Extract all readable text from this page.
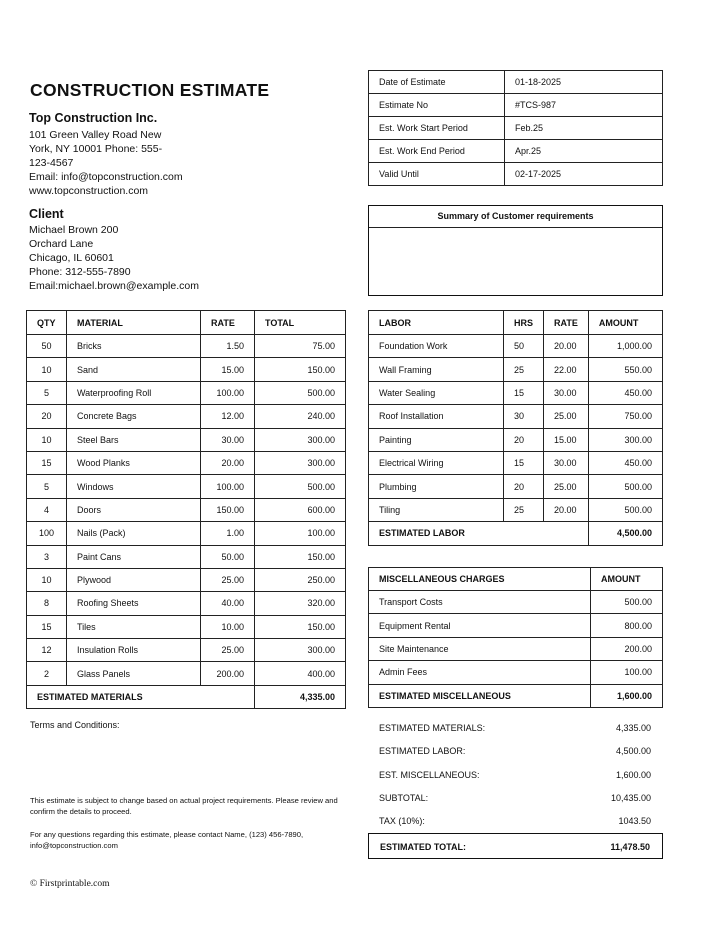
CONSTRUCTION ESTIMATE
Top Construction Inc.
101 Green Valley Road New
York, NY 10001 Phone: 555-
123-4567
Email: info@topconstruction.com
www.topconstruction.com
Client
Michael Brown 200
Orchard Lane
Chicago, IL 60601
Phone: 312-555-7890
Email:michael.brown@example.com
Date of Estimate	01-18-2025
Estimate No	#TCS-987
Est. Work Start Period	Feb.25
Est. Work End Period	Apr.25
Valid Until	02-17-2025
Summary of Customer requirements
QTY	MATERIAL	RATE	TOTAL
50	Bricks	1.50	75.00
10	Sand	15.00	150.00
5	Waterproofing Roll	100.00	500.00
20	Concrete Bags	12.00	240.00
10	Steel Bars	30.00	300.00
15	Wood Planks	20.00	300.00
5	Windows	100.00	500.00
4	Doors	150.00	600.00
100	Nails (Pack)	1.00	100.00
3	Paint Cans	50.00	150.00
10	Plywood	25.00	250.00
8	Roofing Sheets	40.00	320.00
15	Tiles	10.00	150.00
12	Insulation Rolls	25.00	300.00
2	Glass Panels	200.00	400.00
ESTIMATED MATERIALS			4,335.00
LABOR	HRS	RATE	AMOUNT
Foundation Work	50	20.00	1,000.00
Wall Framing	25	22.00	550.00
Water Sealing	15	30.00	450.00
Roof Installation	30	25.00	750.00
Painting	20	15.00	300.00
Electrical Wiring	15	30.00	450.00
Plumbing	20	25.00	500.00
Tiling	25	20.00	500.00
ESTIMATED LABOR			4,500.00
MISCELLANEOUS CHARGES	AMOUNT
Transport Costs	500.00
Equipment Rental	800.00
Site Maintenance	200.00
Admin Fees	100.00
ESTIMATED MISCELLANEOUS	1,600.00
Terms and Conditions:
This estimate is subject to change based on actual project requirements. Please review and confirm the details to proceed.
For any questions regarding this estimate, please contact Name, (123) 456-7890, info@topconstruction.com
ESTIMATED MATERIALS:	4,335.00
ESTIMATED LABOR:	4,500.00
EST. MISCELLANEOUS:	1,600.00
SUBTOTAL:	10,435.00
TAX (10%):	1043.50
ESTIMATED TOTAL:	11,478.50
© Firstprintable.com
